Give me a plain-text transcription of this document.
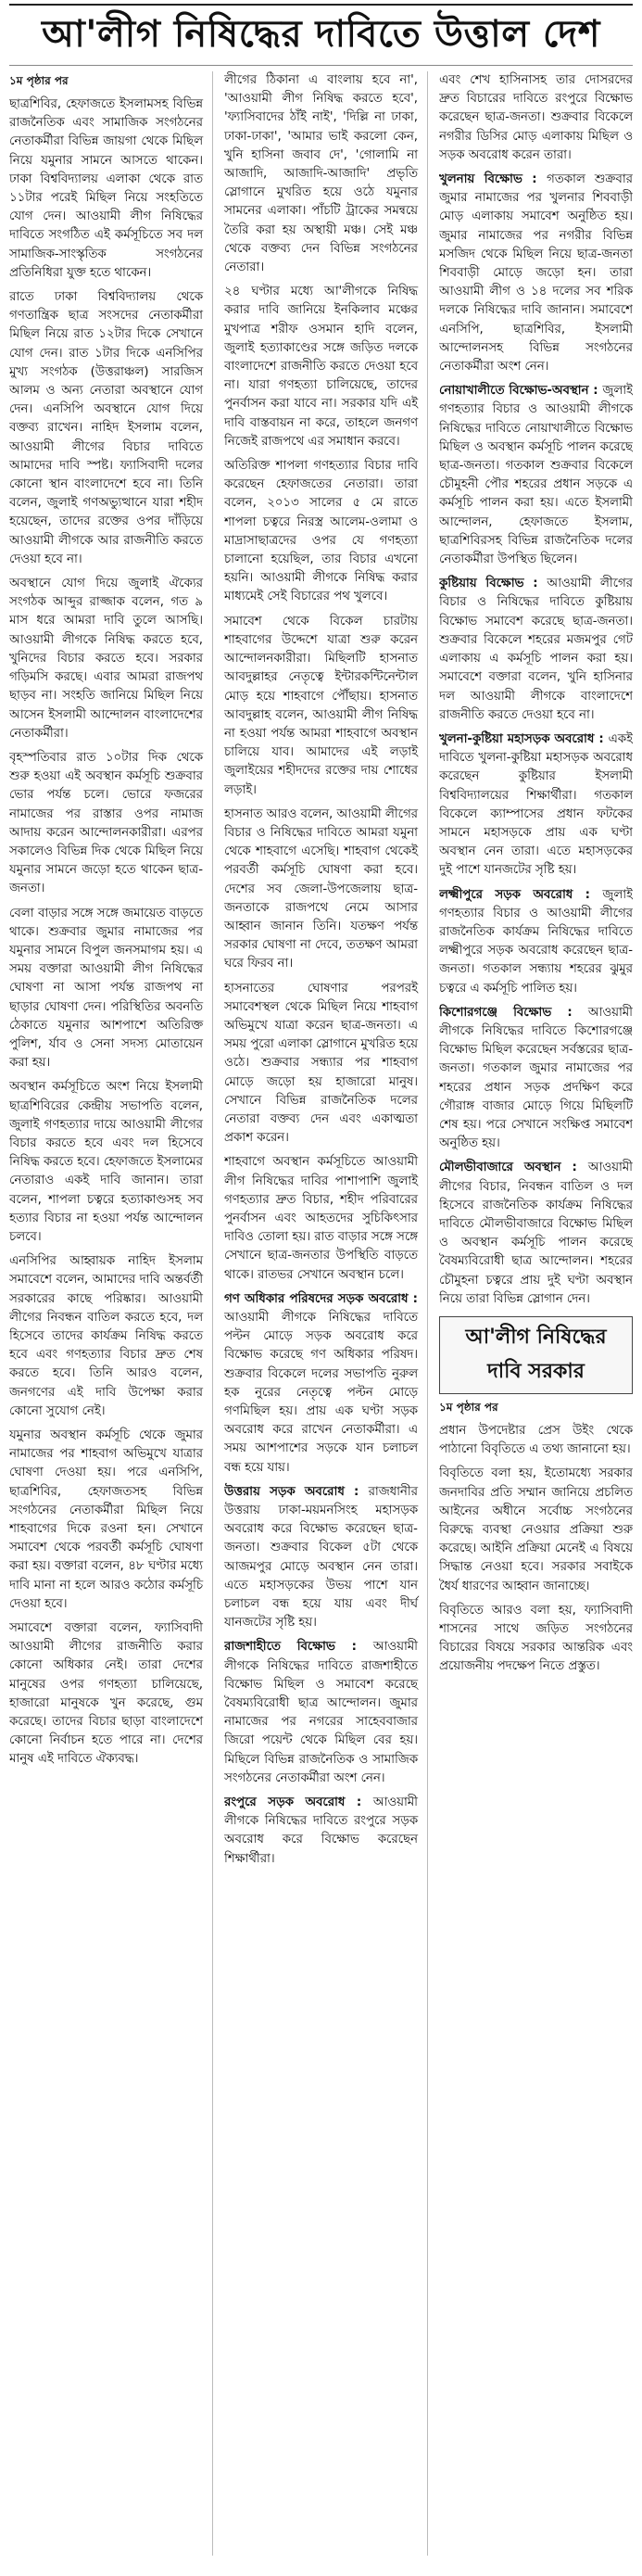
আ'লীগ নিষিদ্ধের দাবিতে উত্তাল দেশ
১ম পৃষ্ঠার পর

ছাত্রশিবির, হেফাজতে ইসলামসহ বিভিন্ন রাজনৈতিক এবং সামাজিক সংগঠনের নেতাকর্মীরা বিভিন্ন জায়গা থেকে মিছিল নিয়ে যমুনার সামনে আসতে থাকেন। ঢাকা বিশ্ববিদ্যালয় এলাকা থেকে রাত ১১টার পরেই মিছিল নিয়ে সংহতিতে যোগ দেন। আওয়ামী লীগ নিষিদ্ধের দাবিতে সংগঠিত এই কর্মসূচিতে সব দল সামাজিক-সাংস্কৃতিক সংগঠনের প্রতিনিধিরা যুক্ত হতে থাকেন।

রাতে ঢাকা বিশ্ববিদ্যালয় থেকে গণতান্ত্রিক ছাত্র সংসদের নেতাকর্মীরা মিছিল নিয়ে রাত ১২টার দিকে সেখানে যোগ দেন। রাত ১টার দিকে এনসিপির মুখ্য সংগঠক (উত্তরাঞ্চল) সারজিস আলম ও অন্য নেতারা অবস্থানে যোগ দেন। এনসিপি অবস্থানে যোগ দিয়ে বক্তব্য রাখেন। নাহিদ ইসলাম বলেন, আওয়ামী লীগের বিচার দাবিতে আমাদের দাবি স্পষ্ট। ফ্যাসিবাদী দলের কোনো স্থান বাংলাদেশে হবে না। তিনি বলেন, জুলাই গণঅভ্যুত্থানে যারা শহীদ হয়েছেন, তাদের রক্তের ওপর দাঁড়িয়ে আওয়ামী লীগকে আর রাজনীতি করতে দেওয়া হবে না।

অবস্থানে যোগ দিয়ে জুলাই ঐক্যের সংগঠক আব্দুর রাজ্জাক বলেন, গত ৯ মাস ধরে আমরা দাবি তুলে আসছি। আওয়ামী লীগকে নিষিদ্ধ করতে হবে, খুনিদের বিচার করতে হবে। সরকার গড়িমসি করছে। এবার আমরা রাজপথ ছাড়ব না। সংহতি জানিয়ে মিছিল নিয়ে আসেন ইসলামী আন্দোলন বাংলাদেশের নেতাকর্মীরা।

বৃহস্পতিবার রাত ১০টার দিক থেকে শুরু হওয়া এই অবস্থান কর্মসূচি শুক্রবার ভোর পর্যন্ত চলে। ভোরে ফজরের নামাজের পর রাস্তার ওপর নামাজ আদায় করেন আন্দোলনকারীরা। এরপর সকালেও বিভিন্ন দিক থেকে মিছিল নিয়ে যমুনার সামনে জড়ো হতে থাকেন ছাত্র-জনতা।

বেলা বাড়ার সঙ্গে সঙ্গে জমায়েত বাড়তে থাকে। শুক্রবার জুমার নামাজের পর যমুনার সামনে বিপুল জনসমাগম হয়। এ সময় বক্তারা আওয়ামী লীগ নিষিদ্ধের ঘোষণা না আসা পর্যন্ত রাজপথ না ছাড়ার ঘোষণা দেন। পরিস্থিতির অবনতি ঠেকাতে যমুনার আশপাশে অতিরিক্ত পুলিশ, র্যাব ও সেনা সদস্য মোতায়েন করা হয়।

অবস্থান কর্মসূচিতে অংশ নিয়ে ইসলামী ছাত্রশিবিরের কেন্দ্রীয় সভাপতি বলেন, জুলাই গণহত্যার দায়ে আওয়ামী লীগের বিচার করতে হবে এবং দল হিসেবে নিষিদ্ধ করতে হবে। হেফাজতে ইসলামের নেতারাও একই দাবি জানান। তারা বলেন, শাপলা চত্বরে হত্যাকাণ্ডসহ সব হত্যার বিচার না হওয়া পর্যন্ত আন্দোলন চলবে।

এনসিপির আহ্বায়ক নাহিদ ইসলাম সমাবেশে বলেন, আমাদের দাবি অন্তর্বর্তী সরকারের কাছে পরিষ্কার। আওয়ামী লীগের নিবন্ধন বাতিল করতে হবে, দল হিসেবে তাদের কার্যক্রম নিষিদ্ধ করতে হবে এবং গণহত্যার বিচার দ্রুত শেষ করতে হবে। তিনি আরও বলেন, জনগণের এই দাবি উপেক্ষা করার কোনো সুযোগ নেই।

যমুনার অবস্থান কর্মসূচি থেকে জুমার নামাজের পর শাহবাগ অভিমুখে যাত্রার ঘোষণা দেওয়া হয়। পরে এনসিপি, ছাত্রশিবির, হেফাজতসহ বিভিন্ন সংগঠনের নেতাকর্মীরা মিছিল নিয়ে শাহবাগের দিকে রওনা হন। সেখানে সমাবেশ থেকে পরবর্তী কর্মসূচি ঘোষণা করা হয়। বক্তারা বলেন, ৪৮ ঘণ্টার মধ্যে দাবি মানা না হলে আরও কঠোর কর্মসূচি দেওয়া হবে।

সমাবেশে বক্তারা বলেন, ফ্যাসিবাদী আওয়ামী লীগের রাজনীতি করার কোনো অধিকার নেই। তারা দেশের মানুষের ওপর গণহত্যা চালিয়েছে, হাজারো মানুষকে খুন করেছে, গুম করেছে। তাদের বিচার ছাড়া বাংলাদেশে কোনো নির্বাচন হতে পারে না। দেশের মানুষ এই দাবিতে ঐক্যবদ্ধ।

লীগের ঠিকানা এ বাংলায় হবে না', 'আওয়ামী লীগ নিষিদ্ধ করতে হবে', 'ফ্যাসিবাদের ঠাঁই নাই', 'দিল্লি না ঢাকা, ঢাকা-ঢাকা', 'আমার ভাই করলো কেন, খুনি হাসিনা জবাব দে', 'গোলামি না আজাদি, আজাদি-আজাদি' প্রভৃতি স্লোগানে মুখরিত হয়ে ওঠে যমুনার সামনের এলাকা। পাঁচটি ট্রাকের সমন্বয়ে তৈরি করা হয় অস্থায়ী মঞ্চ। সেই মঞ্চ থেকে বক্তব্য দেন বিভিন্ন সংগঠনের নেতারা।

২৪ ঘণ্টার মধ্যে আ'লীগকে নিষিদ্ধ করার দাবি জানিয়ে ইনকিলাব মঞ্চের মুখপাত্র শরীফ ওসমান হাদি বলেন, জুলাই হত্যাকাণ্ডের সঙ্গে জড়িত দলকে বাংলাদেশে রাজনীতি করতে দেওয়া হবে না। যারা গণহত্যা চালিয়েছে, তাদের পুনর্বাসন করা যাবে না। সরকার যদি এই দাবি বাস্তবায়ন না করে, তাহলে জনগণ নিজেই রাজপথে এর সমাধান করবে।

অতিরিক্ত শাপলা গণহত্যার বিচার দাবি করেছেন হেফাজতের নেতারা। তারা বলেন, ২০১৩ সালের ৫ মে রাতে শাপলা চত্বরে নিরস্ত্র আলেম-ওলামা ও মাদ্রাসাছাত্রদের ওপর যে গণহত্যা চালানো হয়েছিল, তার বিচার এখনো হয়নি। আওয়ামী লীগকে নিষিদ্ধ করার মাধ্যমেই সেই বিচারের পথ খুলবে।

সমাবেশ থেকে বিকেল চারটায় শাহবাগের উদ্দেশে যাত্রা শুরু করেন আন্দোলনকারীরা। মিছিলটি হাসনাত আবদুল্লাহর নেতৃত্বে ইন্টারকন্টিনেন্টাল মোড় হয়ে শাহবাগে পৌঁছায়। হাসনাত আবদুল্লাহ বলেন, আওয়ামী লীগ নিষিদ্ধ না হওয়া পর্যন্ত আমরা শাহবাগে অবস্থান চালিয়ে যাব। আমাদের এই লড়াই জুলাইয়ের শহীদদের রক্তের দায় শোধের লড়াই।

হাসনাত আরও বলেন, আওয়ামী লীগের বিচার ও নিষিদ্ধের দাবিতে আমরা যমুনা থেকে শাহবাগে এসেছি। শাহবাগ থেকেই পরবর্তী কর্মসূচি ঘোষণা করা হবে। দেশের সব জেলা-উপজেলায় ছাত্র-জনতাকে রাজপথে নেমে আসার আহ্বান জানান তিনি। যতক্ষণ পর্যন্ত সরকার ঘোষণা না দেবে, ততক্ষণ আমরা ঘরে ফিরব না।

হাসনাতের ঘোষণার পরপরই সমাবেশস্থল থেকে মিছিল নিয়ে শাহবাগ অভিমুখে যাত্রা করেন ছাত্র-জনতা। এ সময় পুরো এলাকা স্লোগানে মুখরিত হয়ে ওঠে। শুক্রবার সন্ধ্যার পর শাহবাগ মোড়ে জড়ো হয় হাজারো মানুষ। সেখানে বিভিন্ন রাজনৈতিক দলের নেতারা বক্তব্য দেন এবং একাত্মতা প্রকাশ করেন।

শাহবাগে অবস্থান কর্মসূচিতে আওয়ামী লীগ নিষিদ্ধের দাবির পাশাপাশি জুলাই গণহত্যার দ্রুত বিচার, শহীদ পরিবারের পুনর্বাসন এবং আহতদের সুচিকিৎসার দাবিও তোলা হয়। রাত বাড়ার সঙ্গে সঙ্গে সেখানে ছাত্র-জনতার উপস্থিতি বাড়তে থাকে। রাতভর সেখানে অবস্থান চলে।

গণ অধিকার পরিষদের সড়ক অবরোধ : আওয়ামী লীগকে নিষিদ্ধের দাবিতে পল্টন মোড়ে সড়ক অবরোধ করে বিক্ষোভ করেছে গণ অধিকার পরিষদ। শুক্রবার বিকেলে দলের সভাপতি নুরুল হক নুরের নেতৃত্বে পল্টন মোড়ে গণমিছিল হয়। প্রায় এক ঘণ্টা সড়ক অবরোধ করে রাখেন নেতাকর্মীরা। এ সময় আশপাশের সড়কে যান চলাচল বন্ধ হয়ে যায়।

উত্তরায় সড়ক অবরোধ : রাজধানীর উত্তরায় ঢাকা-ময়মনসিংহ মহাসড়ক অবরোধ করে বিক্ষোভ করেছেন ছাত্র-জনতা। শুক্রবার বিকেল ৫টা থেকে আজমপুর মোড়ে অবস্থান নেন তারা। এতে মহাসড়কের উভয় পাশে যান চলাচল বন্ধ হয়ে যায় এবং দীর্ঘ যানজটের সৃষ্টি হয়।

রাজশাহীতে বিক্ষোভ : আওয়ামী লীগকে নিষিদ্ধের দাবিতে রাজশাহীতে বিক্ষোভ মিছিল ও সমাবেশ করেছে বৈষম্যবিরোধী ছাত্র আন্দোলন। জুমার নামাজের পর নগরের সাহেববাজার জিরো পয়েন্ট থেকে মিছিল বের হয়। মিছিলে বিভিন্ন রাজনৈতিক ও সামাজিক সংগঠনের নেতাকর্মীরা অংশ নেন।

রংপুরে সড়ক অবরোধ : আওয়ামী লীগকে নিষিদ্ধের দাবিতে রংপুরে সড়ক অবরোধ করে বিক্ষোভ করেছেন শিক্ষার্থীরা।

এবং শেখ হাসিনাসহ তার দোসরদের দ্রুত বিচারের দাবিতে রংপুরে বিক্ষোভ করেছেন ছাত্র-জনতা। শুক্রবার বিকেলে নগরীর ডিসির মোড় এলাকায় মিছিল ও সড়ক অবরোধ করেন তারা।

খুলনায় বিক্ষোভ : গতকাল শুক্রবার জুমার নামাজের পর খুলনার শিববাড়ী মোড় এলাকায় সমাবেশ অনুষ্ঠিত হয়। জুমার নামাজের পর নগরীর বিভিন্ন মসজিদ থেকে মিছিল নিয়ে ছাত্র-জনতা শিববাড়ী মোড়ে জড়ো হন। তারা আওয়ামী লীগ ও ১৪ দলের সব শরিক দলকে নিষিদ্ধের দাবি জানান। সমাবেশে এনসিপি, ছাত্রশিবির, ইসলামী আন্দোলনসহ বিভিন্ন সংগঠনের নেতাকর্মীরা অংশ নেন।

নোয়াখালীতে বিক্ষোভ-অবস্থান : জুলাই গণহত্যার বিচার ও আওয়ামী লীগকে নিষিদ্ধের দাবিতে নোয়াখালীতে বিক্ষোভ মিছিল ও অবস্থান কর্মসূচি পালন করেছে ছাত্র-জনতা। গতকাল শুক্রবার বিকেলে চৌমুহনী পৌর শহরের প্রধান সড়কে এ কর্মসূচি পালন করা হয়। এতে ইসলামী আন্দোলন, হেফাজতে ইসলাম, ছাত্রশিবিরসহ বিভিন্ন রাজনৈতিক দলের নেতাকর্মীরা উপস্থিত ছিলেন।

কুষ্টিয়ায় বিক্ষোভ : আওয়ামী লীগের বিচার ও নিষিদ্ধের দাবিতে কুষ্টিয়ায় বিক্ষোভ সমাবেশ করেছে ছাত্র-জনতা। শুক্রবার বিকেলে শহরের মজমপুর গেট এলাকায় এ কর্মসূচি পালন করা হয়। সমাবেশে বক্তারা বলেন, খুনি হাসিনার দল আওয়ামী লীগকে বাংলাদেশে রাজনীতি করতে দেওয়া হবে না।

খুলনা-কুষ্টিয়া মহাসড়ক অবরোধ : একই দাবিতে খুলনা-কুষ্টিয়া মহাসড়ক অবরোধ করেছেন কুষ্টিয়ার ইসলামী বিশ্ববিদ্যালয়ের শিক্ষার্থীরা। গতকাল বিকেলে ক্যাম্পাসের প্রধান ফটকের সামনে মহাসড়কে প্রায় এক ঘণ্টা অবস্থান নেন তারা। এতে মহাসড়কের দুই পাশে যানজটের সৃষ্টি হয়।

লক্ষ্মীপুরে সড়ক অবরোধ : জুলাই গণহত্যার বিচার ও আওয়ামী লীগের রাজনৈতিক কার্যক্রম নিষিদ্ধের দাবিতে লক্ষ্মীপুরে সড়ক অবরোধ করেছেন ছাত্র-জনতা। গতকাল সন্ধ্যায় শহরের ঝুমুর চত্বরে এ কর্মসূচি পালিত হয়।

কিশোরগঞ্জে বিক্ষোভ : আওয়ামী লীগকে নিষিদ্ধের দাবিতে কিশোরগঞ্জে বিক্ষোভ মিছিল করেছেন সর্বস্তরের ছাত্র-জনতা। গতকাল জুমার নামাজের পর শহরের প্রধান সড়ক প্রদক্ষিণ করে গৌরাঙ্গ বাজার মোড়ে গিয়ে মিছিলটি শেষ হয়। পরে সেখানে সংক্ষিপ্ত সমাবেশ অনুষ্ঠিত হয়।

মৌলভীবাজারে অবস্থান : আওয়ামী লীগের বিচার, নিবন্ধন বাতিল ও দল হিসেবে রাজনৈতিক কার্যক্রম নিষিদ্ধের দাবিতে মৌলভীবাজারে বিক্ষোভ মিছিল ও অবস্থান কর্মসূচি পালন করেছে বৈষম্যবিরোধী ছাত্র আন্দোলন। শহরের চৌমুহনা চত্বরে প্রায় দুই ঘণ্টা অবস্থান নিয়ে তারা বিভিন্ন স্লোগান দেন।

আ'লীগ নিষিদ্ধের দাবি সরকার
১ম পৃষ্ঠার পর

প্রধান উপদেষ্টার প্রেস উইং থেকে পাঠানো বিবৃতিতে এ তথ্য জানানো হয়।

বিবৃতিতে বলা হয়, ইতোমধ্যে সরকার জনদাবির প্রতি সম্মান জানিয়ে প্রচলিত আইনের অধীনে সর্বোচ্চ সংগঠনের বিরুদ্ধে ব্যবস্থা নেওয়ার প্রক্রিয়া শুরু করেছে। আইনি প্রক্রিয়া মেনেই এ বিষয়ে সিদ্ধান্ত নেওয়া হবে। সরকার সবাইকে ধৈর্য ধারণের আহ্বান জানাচ্ছে।

বিবৃতিতে আরও বলা হয়, ফ্যাসিবাদী শাসনের সাথে জড়িত সংগঠনের বিচারের বিষয়ে সরকার আন্তরিক এবং প্রয়োজনীয় পদক্ষেপ নিতে প্রস্তুত।
